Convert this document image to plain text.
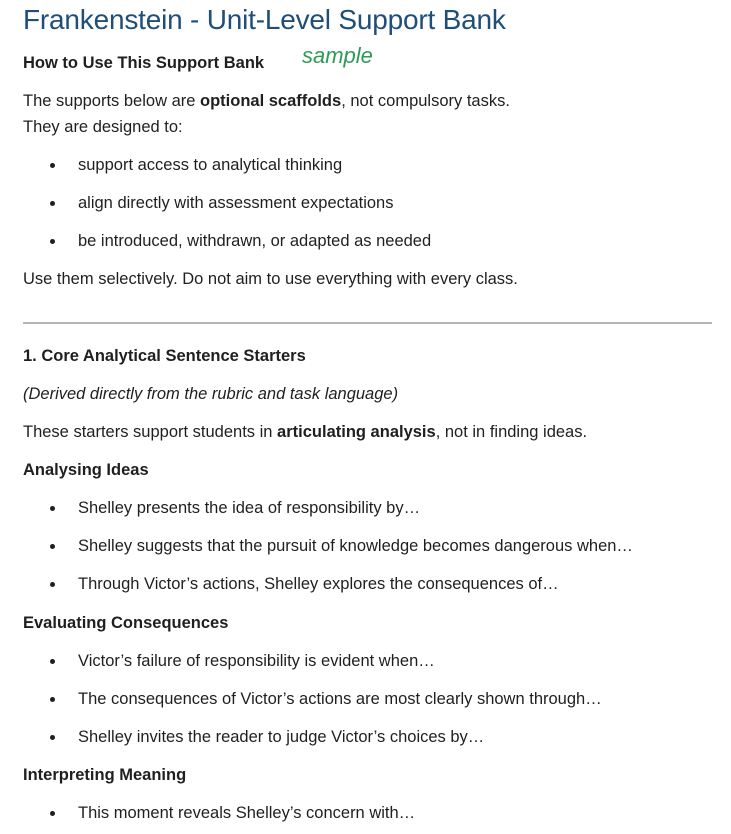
Frankenstein - Unit-Level Support Bank
How to Use This Support Bank sample
The supports below are optional scaffolds, not compulsory tasks.
They are designed to:
support access to analytical thinking
align directly with assessment expectations
be introduced, withdrawn, or adapted as needed
Use them selectively. Do not aim to use everything with every class.
1. Core Analytical Sentence Starters
(Derived directly from the rubric and task language)
These starters support students in articulating analysis, not in finding ideas.
Analysing Ideas
Shelley presents the idea of responsibility by…
Shelley suggests that the pursuit of knowledge becomes dangerous when…
Through Victor’s actions, Shelley explores the consequences of…
Evaluating Consequences
Victor’s failure of responsibility is evident when…
The consequences of Victor’s actions are most clearly shown through…
Shelley invites the reader to judge Victor’s choices by…
Interpreting Meaning
This moment reveals Shelley’s concern with…
